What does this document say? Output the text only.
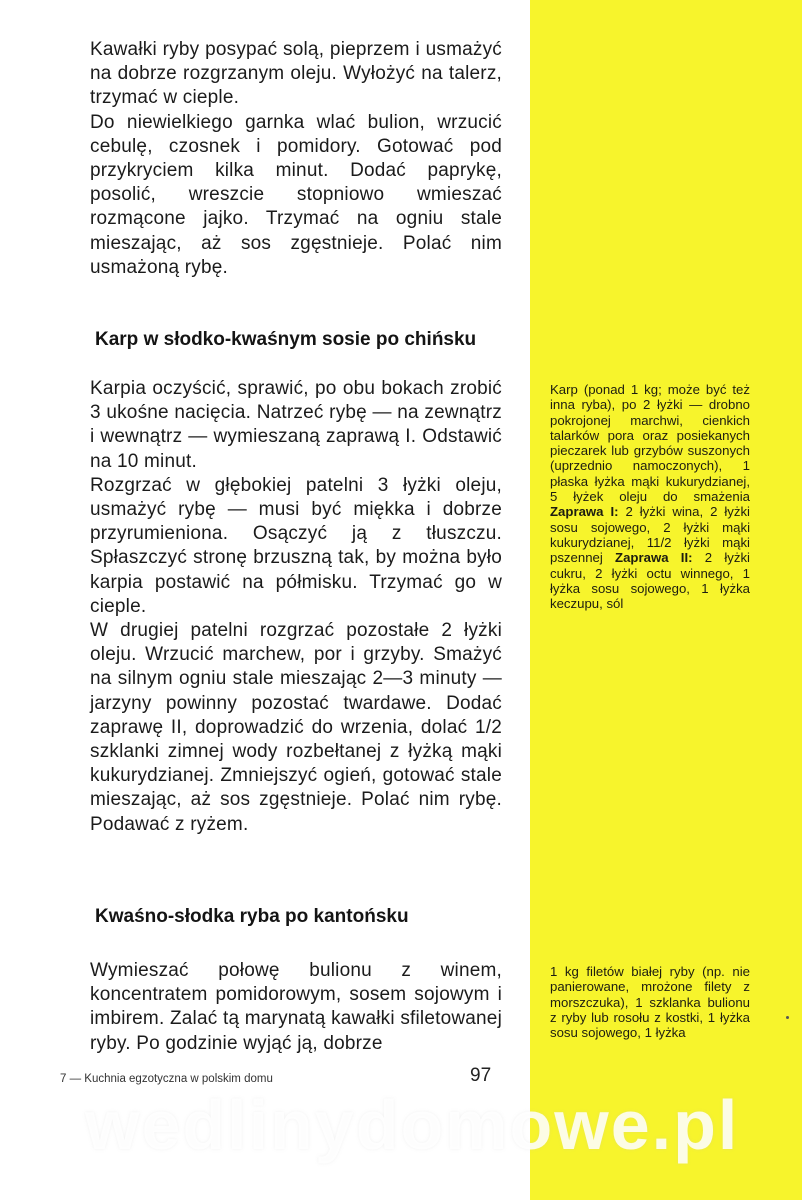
Kawałki ryby posypać solą, pieprzem i usmażyć na dobrze rozgrzanym oleju. Wyłożyć na talerz, trzymać w cieple.

Do niewielkiego garnka wlać bulion, wrzucić cebulę, czosnek i pomidory. Gotować pod przykryciem kilka minut. Dodać paprykę, posolić, wreszcie stopniowo wmieszać rozmącone jajko. Trzymać na ogniu stale mieszając, aż sos zgęstnieje. Polać nim usmażoną rybę.

Karp w słodko-kwaśnym sosie po chińsku

Karpia oczyścić, sprawić, po obu bokach zrobić 3 ukośne nacięcia. Natrzeć rybę — na zewnątrz i wewnątrz — wymieszaną zaprawą I. Odstawić na 10 minut.

Rozgrzać w głębokiej patelni 3 łyżki oleju, usmażyć rybę — musi być miękka i dobrze przyrumieniona. Osączyć ją z tłuszczu. Spłaszczyć stronę brzuszną tak, by można było karpia postawić na półmisku. Trzymać go w cieple.

W drugiej patelni rozgrzać pozostałe 2 łyżki oleju. Wrzucić marchew, por i grzyby. Smażyć na silnym ogniu stale mieszając 2—3 minuty — jarzyny powinny pozostać twardawe. Dodać zaprawę II, doprowadzić do wrzenia, dolać 1/2 szklanki zimnej wody rozbełtanej z łyżką mąki kukurydzianej. Zmniejszyć ogień, gotować stale mieszając, aż sos zgęstnieje. Polać nim rybę. Podawać z ryżem.

Karp (ponad 1 kg; może być też inna ryba), po 2 łyżki — drobno pokrojonej marchwi, cienkich talarków pora oraz posiekanych pieczarek lub grzybów suszonych (uprzednio namoczonych), 1 płaska łyżka mąki kukurydzianej, 5 łyżek oleju do smażenia Zaprawa I: 2 łyżki wina, 2 łyżki sosu sojowego, 2 łyżki mąki kukurydzianej, 11/2 łyżki mąki pszennej Zaprawa II: 2 łyżki cukru, 2 łyżki octu winnego, 1 łyżka sosu sojowego, 1 łyżka keczupu, sól
Kwaśno-słodka ryba po kantońsku

Wymieszać połowę bulionu z winem, koncentratem pomidorowym, sosem sojowym i imbirem. Zalać tą marynatą kawałki sfiletowanej ryby. Po godzinie wyjąć ją, dobrze

1 kg filetów białej ryby (np. nie panierowane, mrożone filety z morszczuka), 1 szklanka bulionu z ryby lub rosołu z kostki, 1 łyżka sosu sojowego, 1 łyżka

7 — Kuchnia egzotyczna w polskim domu	97
wedlinydomowe.pl
